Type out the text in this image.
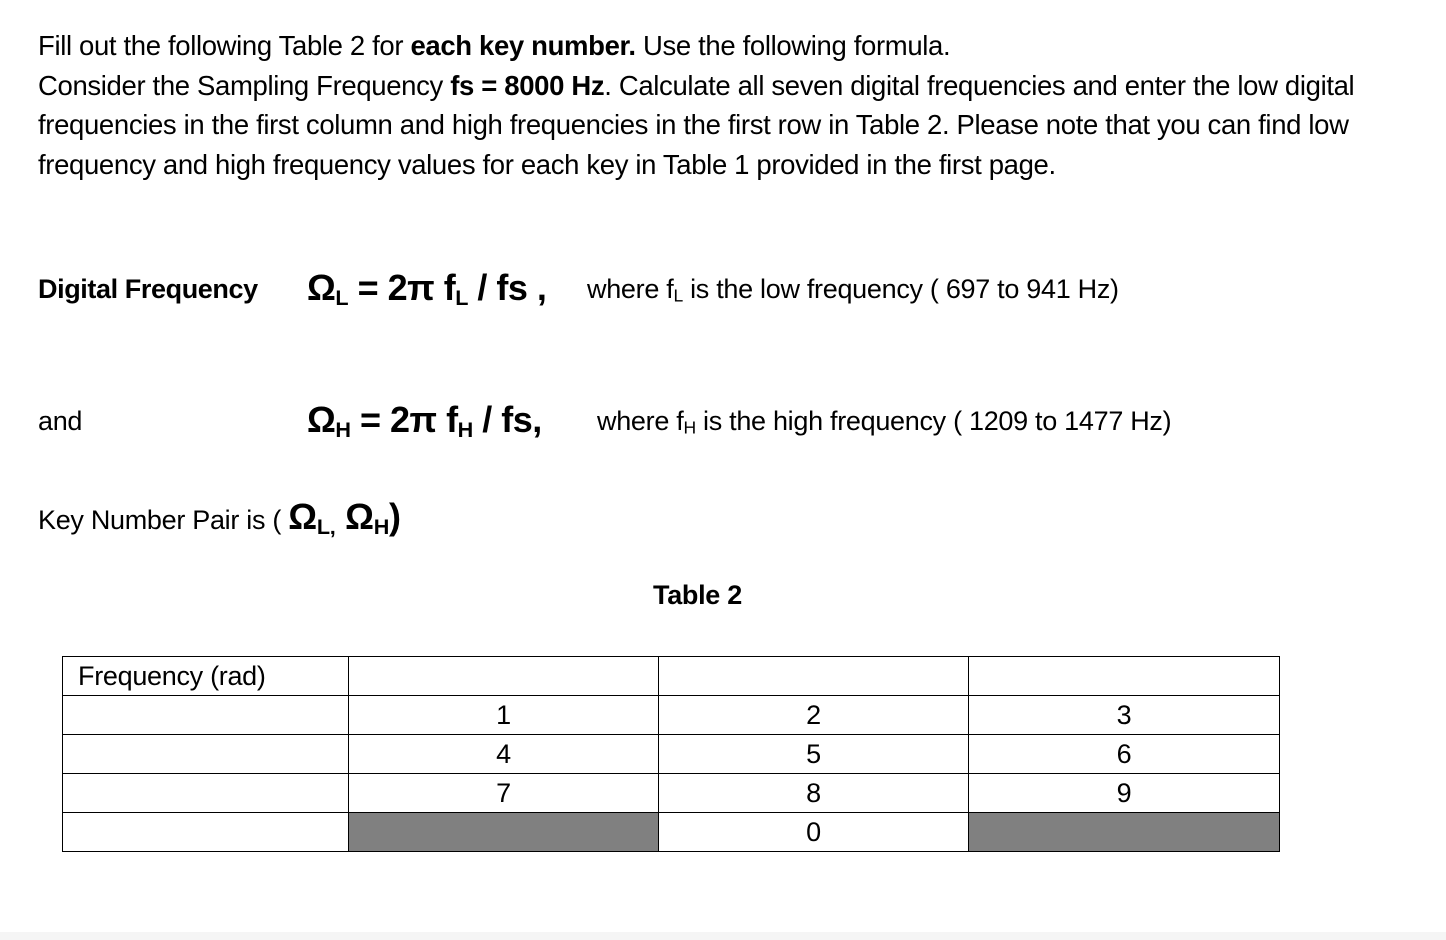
Fill out the following Table 2 for each key number. Use the following formula.

Consider the Sampling Frequency fs = 8000 Hz. Calculate all seven digital frequencies and enter the low digital frequencies in the first column and high frequencies in the first row in Table 2. Please note that you can find low frequency and high frequency values for each key in Table 1 provided in the first page.

Digital Frequency $\Omega_L = 2\pi$ $f_L$ / fs , where $f_L$ is the low frequency ( 697 to 941 Hz)
and	$\Omega_H = 2\pi$ $f_H$ / fs, where $f_H$ is the high frequency ( 1209 to 1477 Hz)
Key Number Pair is ( $\Omega_{L,}$ $\Omega_H$)
Table 2
Frequency (rad)			
	1	2	3
	4	5	6
	7	8	9
		0	
